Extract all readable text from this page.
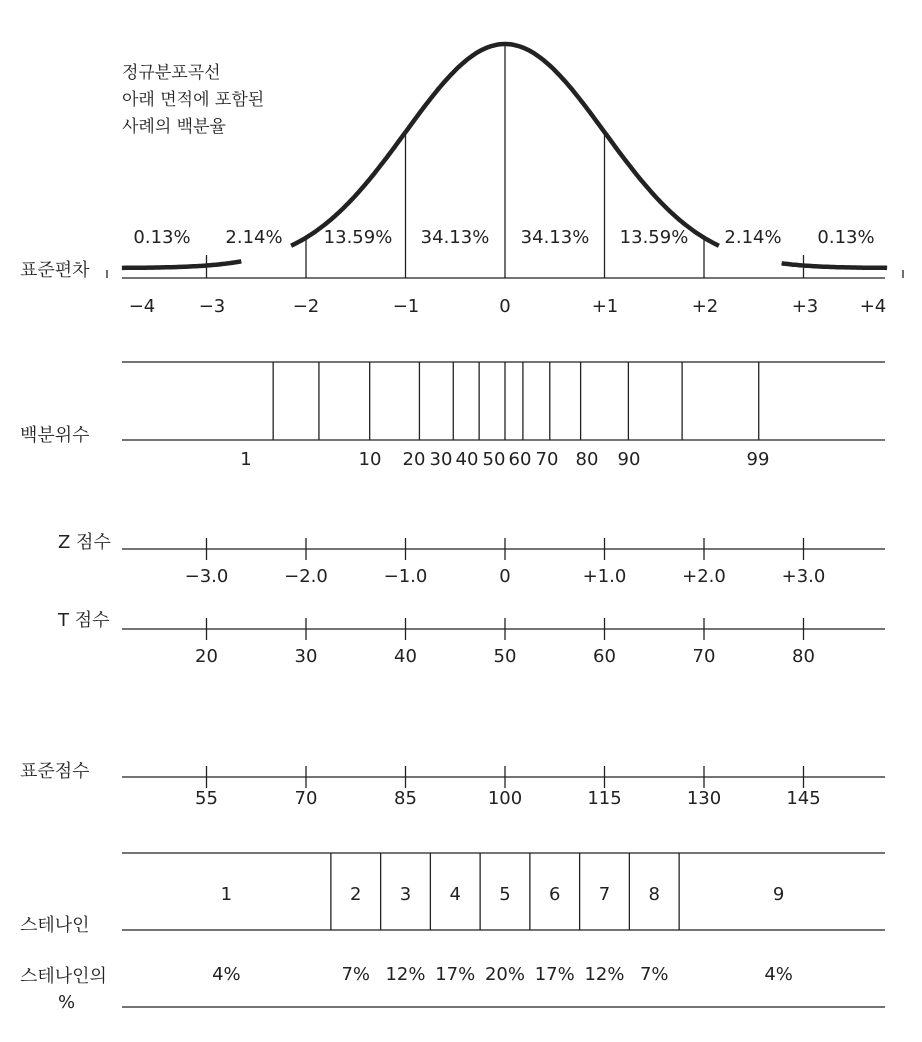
정규분포곡선
아래 면적에 포함된
사례의 백분율
0.13% 2.14% 13.59% 34.13% 34.13% 13.59% 2.14% 0.13%
표준편차
−4 −3	−2	−1	0	+1	+2	+3 +4
백분위수
1	10 20 30 40 50 60 70 80 90	99
Z 점수
−3.0	−2.0	−1.0	0	+1.0	+2.0	+3.0
T 점수
20	30	40	50	60	70	80
표준점수
55	70	85	100	115	130	145
스테나인
1	2 3 4 5 6 7 8	9
스테나인의
%
4%	7% 12% 17% 20% 17% 12% 7%	4%
